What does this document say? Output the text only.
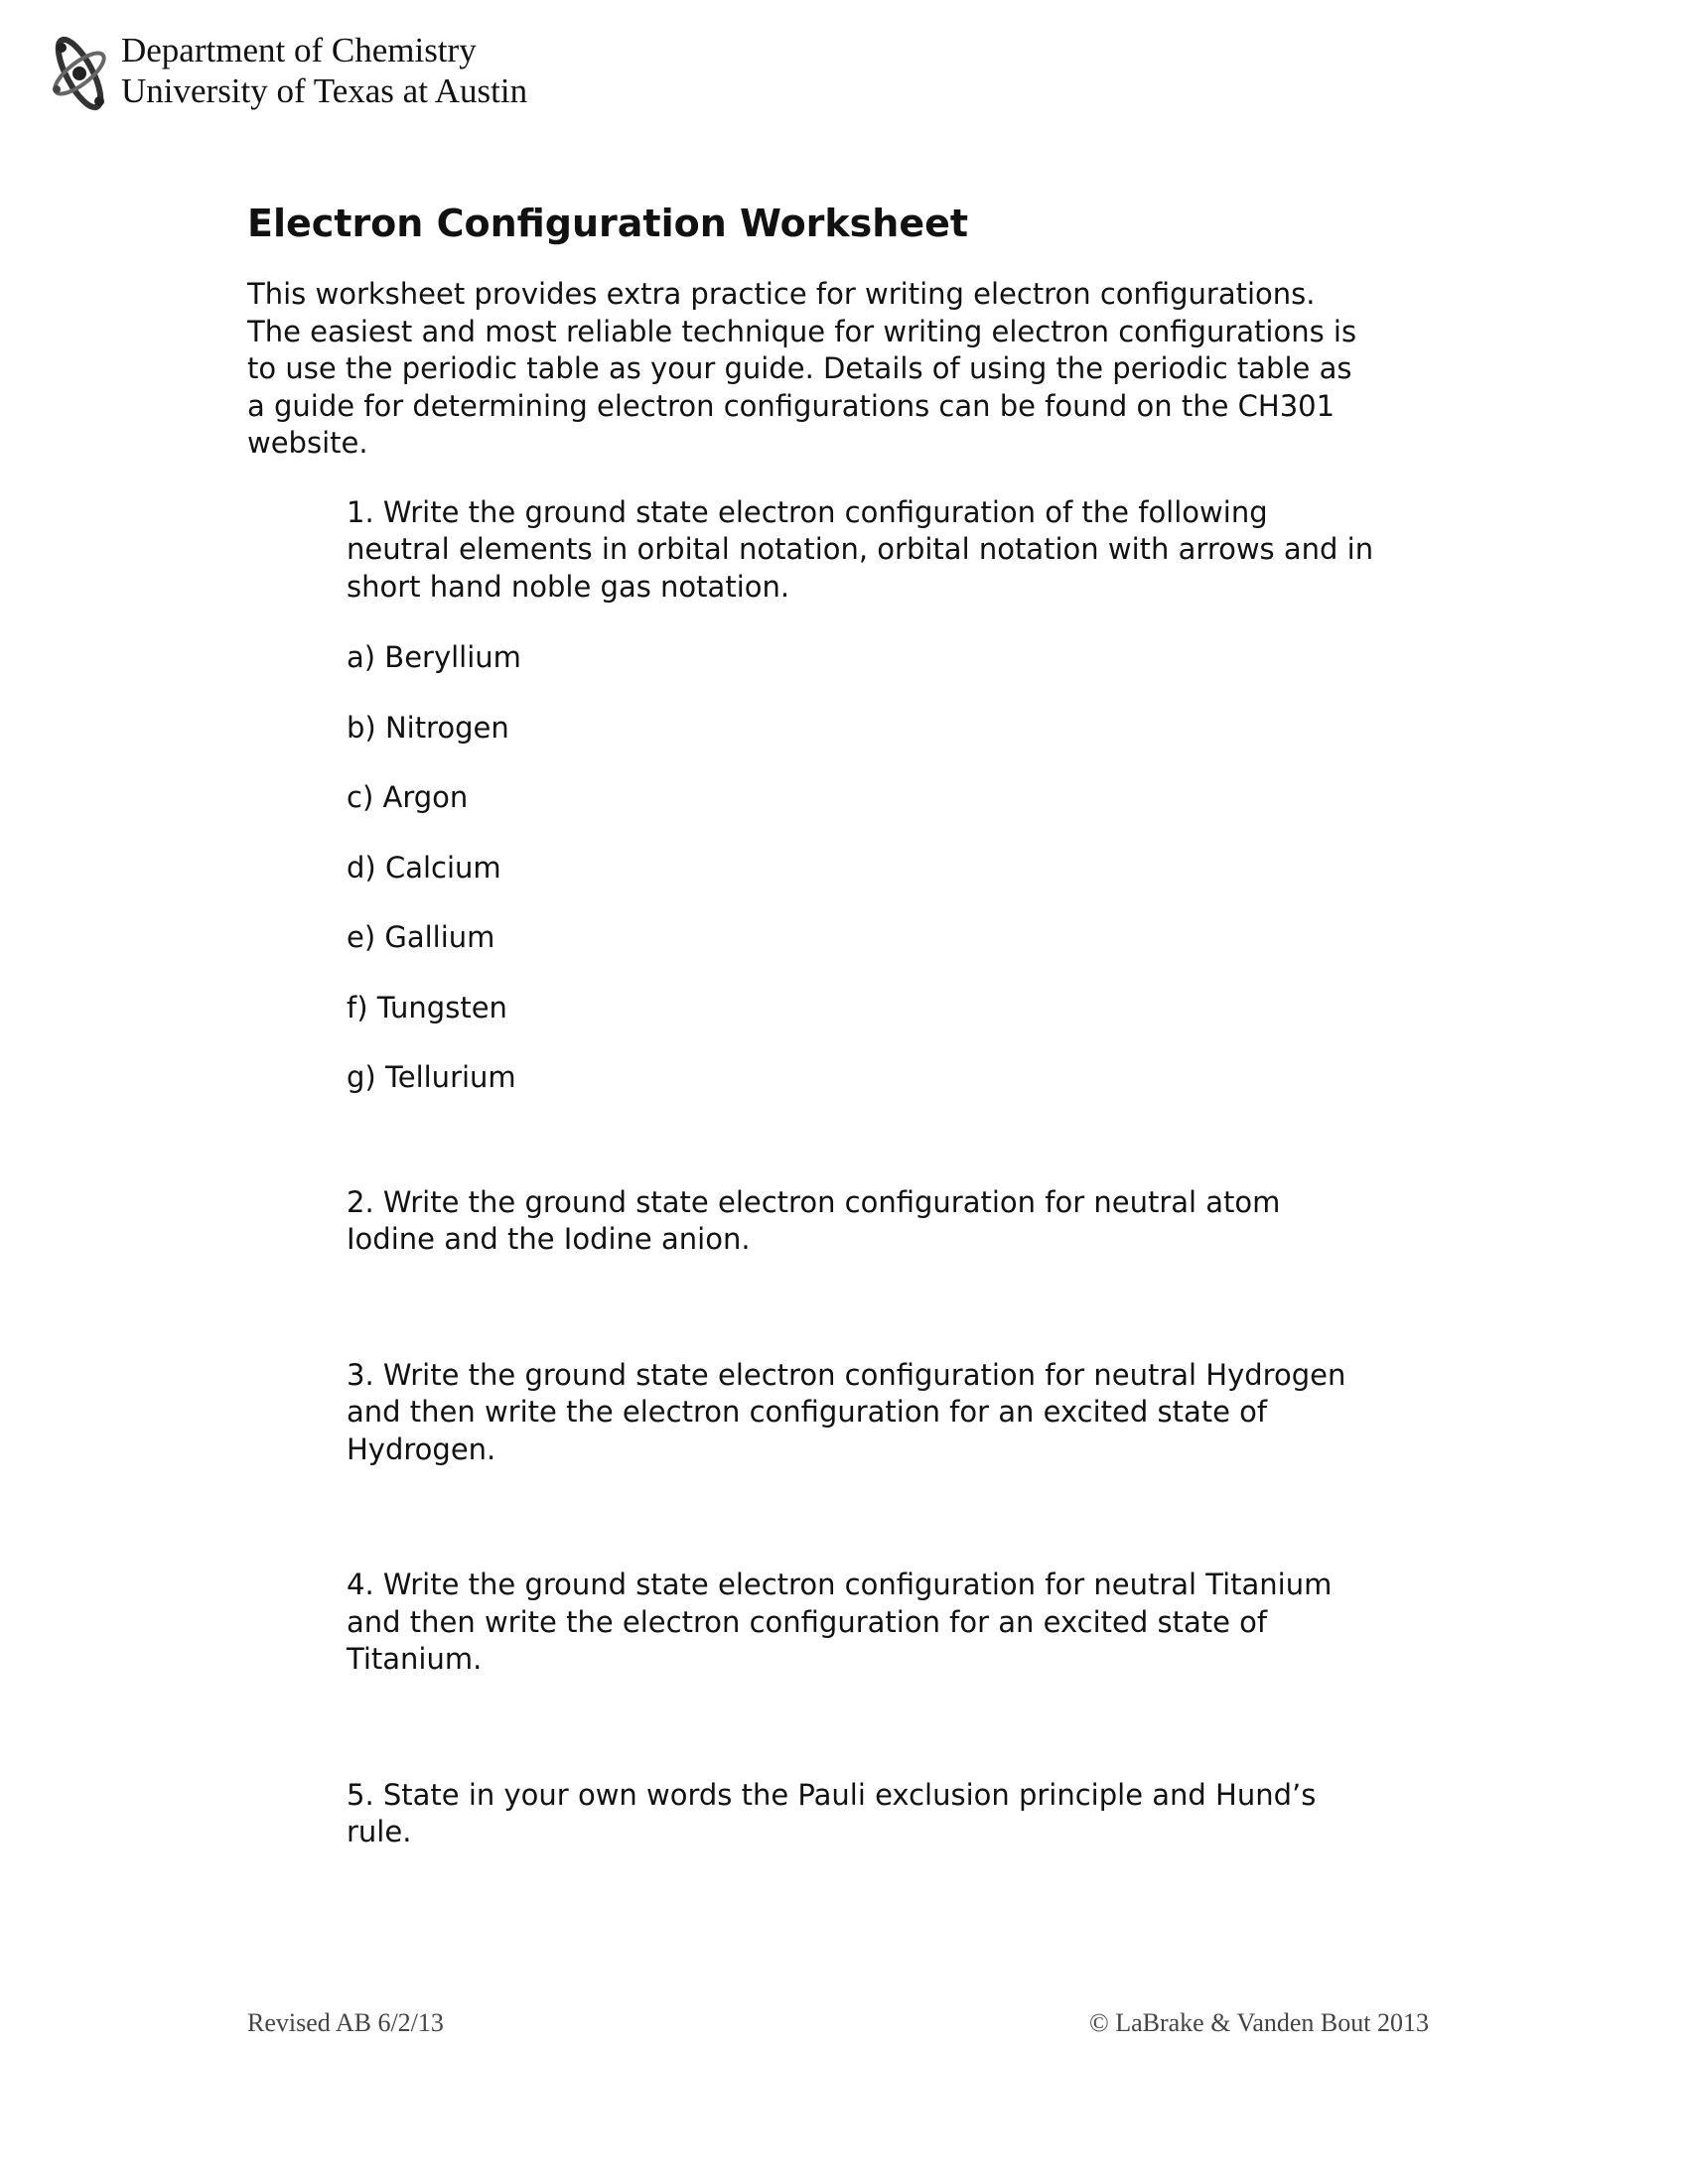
Department of Chemistry
University of Texas at Austin
Electron Configuration Worksheet

This worksheet provides extra practice for writing electron configurations.
The easiest and most reliable technique for writing electron configurations is
to use the periodic table as your guide. Details of using the periodic table as
a guide for determining electron configurations can be found on the CH301
website.

1. Write the ground state electron configuration of the following
neutral elements in orbital notation, orbital notation with arrows and in
short hand noble gas notation.

a) Beryllium
b) Nitrogen
c) Argon
d) Calcium
e) Gallium
f) Tungsten
g) Tellurium

2. Write the ground state electron configuration for neutral atom
Iodine and the Iodine anion.

3. Write the ground state electron configuration for neutral Hydrogen
and then write the electron configuration for an excited state of
Hydrogen.

4. Write the ground state electron configuration for neutral Titanium
and then write the electron configuration for an excited state of
Titanium.

5. State in your own words the Pauli exclusion principle and Hund’s
rule.

Revised AB 6/2/13	© LaBrake & Vanden Bout 2013
